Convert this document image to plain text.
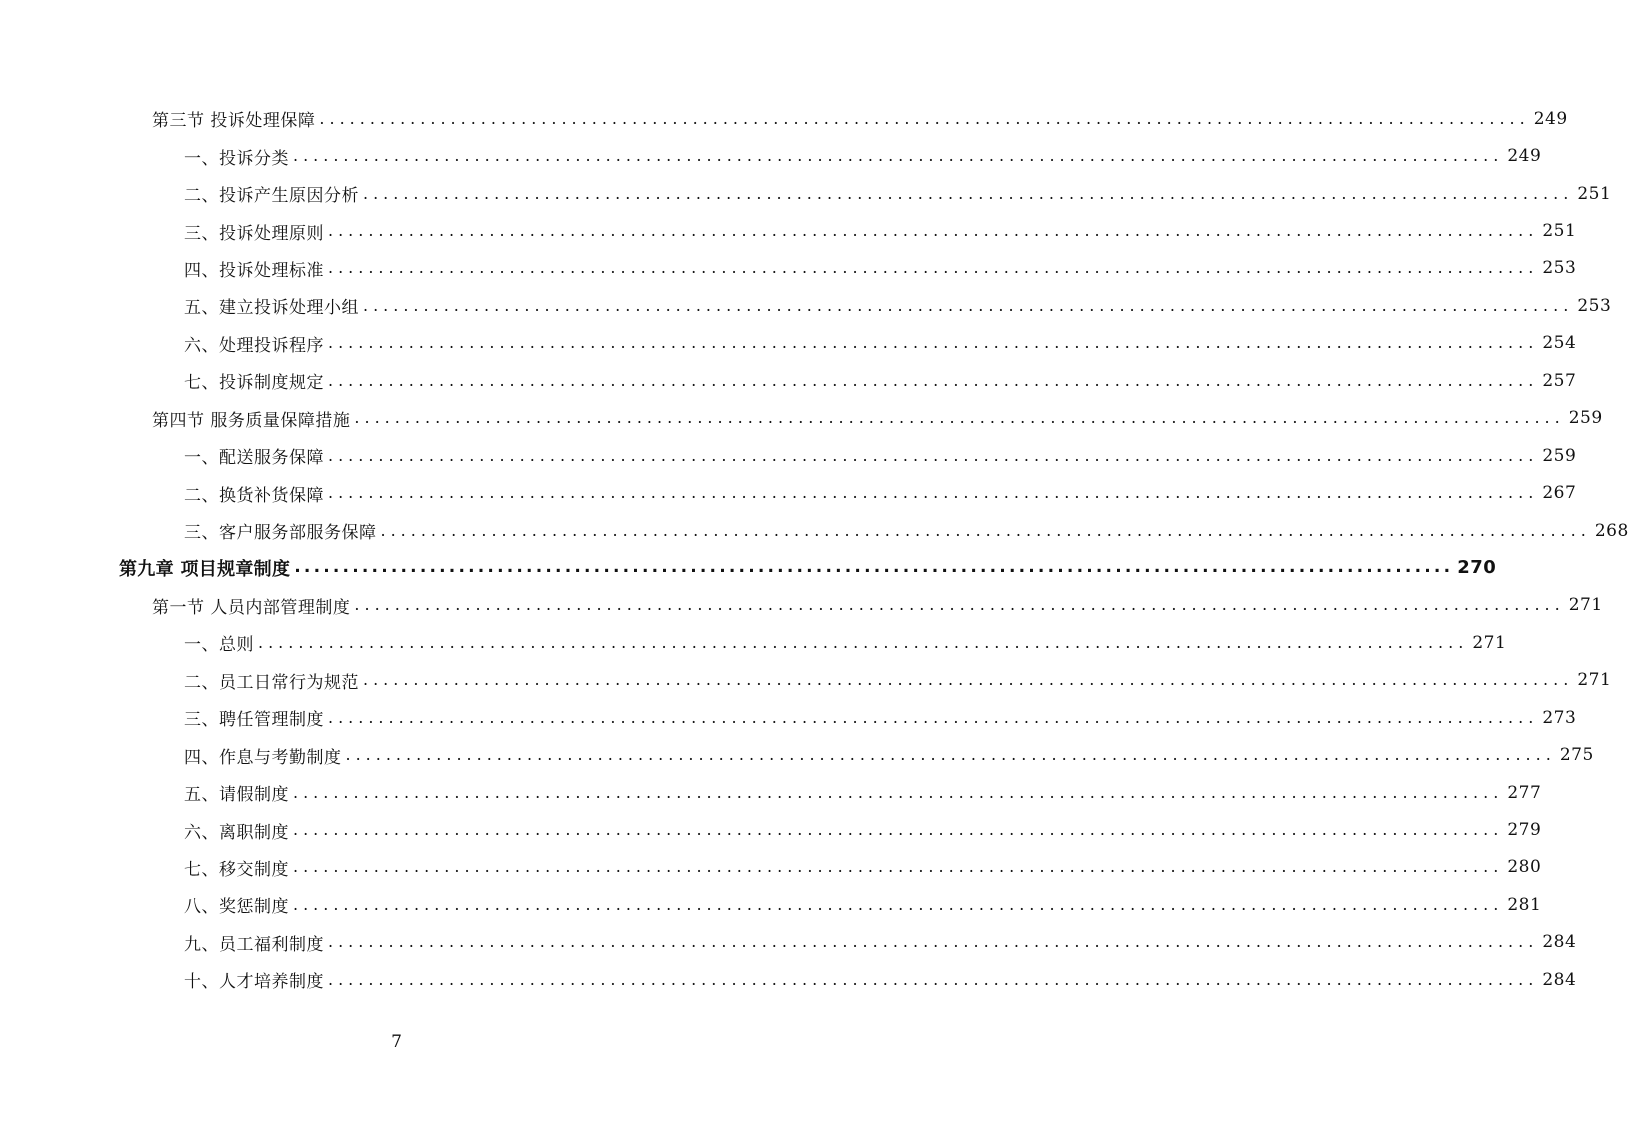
第三节 投诉处理保障 ........................................................................................................................ 249
一、投诉分类 ........................................................................................................................ 249
二、投诉产生原因分析 ........................................................................................................................ 251
三、投诉处理原则 ........................................................................................................................ 251
四、投诉处理标准 ........................................................................................................................ 253
五、建立投诉处理小组 ........................................................................................................................ 253
六、处理投诉程序 ........................................................................................................................ 254
七、投诉制度规定 ........................................................................................................................ 257
第四节 服务质量保障措施 ........................................................................................................................ 259
一、配送服务保障 ........................................................................................................................ 259
二、换货补货保障 ........................................................................................................................ 267
三、客户服务部服务保障 ........................................................................................................................ 268
第九章 项目规章制度 ........................................................................................................................ 270
第一节 人员内部管理制度 ........................................................................................................................ 271
一、总则 ........................................................................................................................ 271
二、员工日常行为规范 ........................................................................................................................ 271
三、聘任管理制度 ........................................................................................................................ 273
四、作息与考勤制度 ........................................................................................................................ 275
五、请假制度 ........................................................................................................................ 277
六、离职制度 ........................................................................................................................ 279
七、移交制度 ........................................................................................................................ 280
八、奖惩制度 ........................................................................................................................ 281
九、员工福利制度 ........................................................................................................................ 284
十、人才培养制度 ........................................................................................................................ 284
7
